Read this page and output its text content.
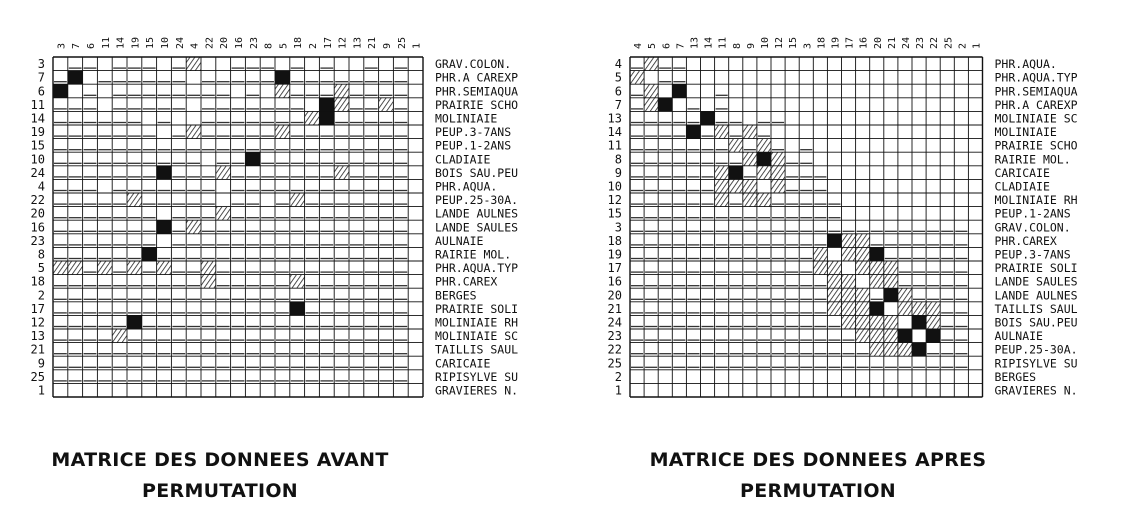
3 7 6 11 14 19 15 10 24 4 22 20 16 23 8 5 18 2 17 12 13 21 9 25 1
3
7
6
11
14
19
15
10
24
4
22
20
16
23
8
5
18
2
17
12
13
21
9
25
1
GRAV.COLON.
PHR.A CAREXP
PHR.SEMIAQUA
PRAIRIE SCHO
MOLINIAIE
PEUP.3-7ANS
PEUP.1-2ANS
CLADIAIE
BOIS SAU.PEU
PHR.AQUA.
PEUP.25-30A.
LANDE AULNES
LANDE SAULES
AULNAIE
RAIRIE MOL.
PHR.AQUA.TYP
PHR.CAREX
BERGES
PRAIRIE SOLI
MOLINIAIE RH
MOLINIAIE SC
TAILLIS SAUL
CARICAIE
RIPISYLVE SU
GRAVIERES N.
4 5 6 7 13 14 11 8 9 10 12 15 3 18 19 17 16 20 21 24 23 22 25 2 1
4
5
6
7
13
14
11
8
9
10
12
15
3
18
19
17
16
20
21
24
23
22
25
2
1
PHR.AQUA.
PHR.AQUA.TYP
PHR.SEMIAQUA
PHR.A CAREXP
MOLINIAIE SC
MOLINIAIE
PRAIRIE SCHO
RAIRIE MOL.
CARICAIE
CLADIAIE
MOLINIAIE RH
PEUP.1-2ANS
GRAV.COLON.
PHR.CAREX
PEUP.3-7ANS
PRAIRIE SOLI
LANDE SAULES
LANDE AULNES
TAILLIS SAUL
BOIS SAU.PEU
AULNAIE
PEUP.25-30A.
RIPISYLVE SU
BERGES
GRAVIERES N.
MATRICE DES DONNEES AVANT
PERMUTATION
MATRICE DES DONNEES APRES
PERMUTATION
